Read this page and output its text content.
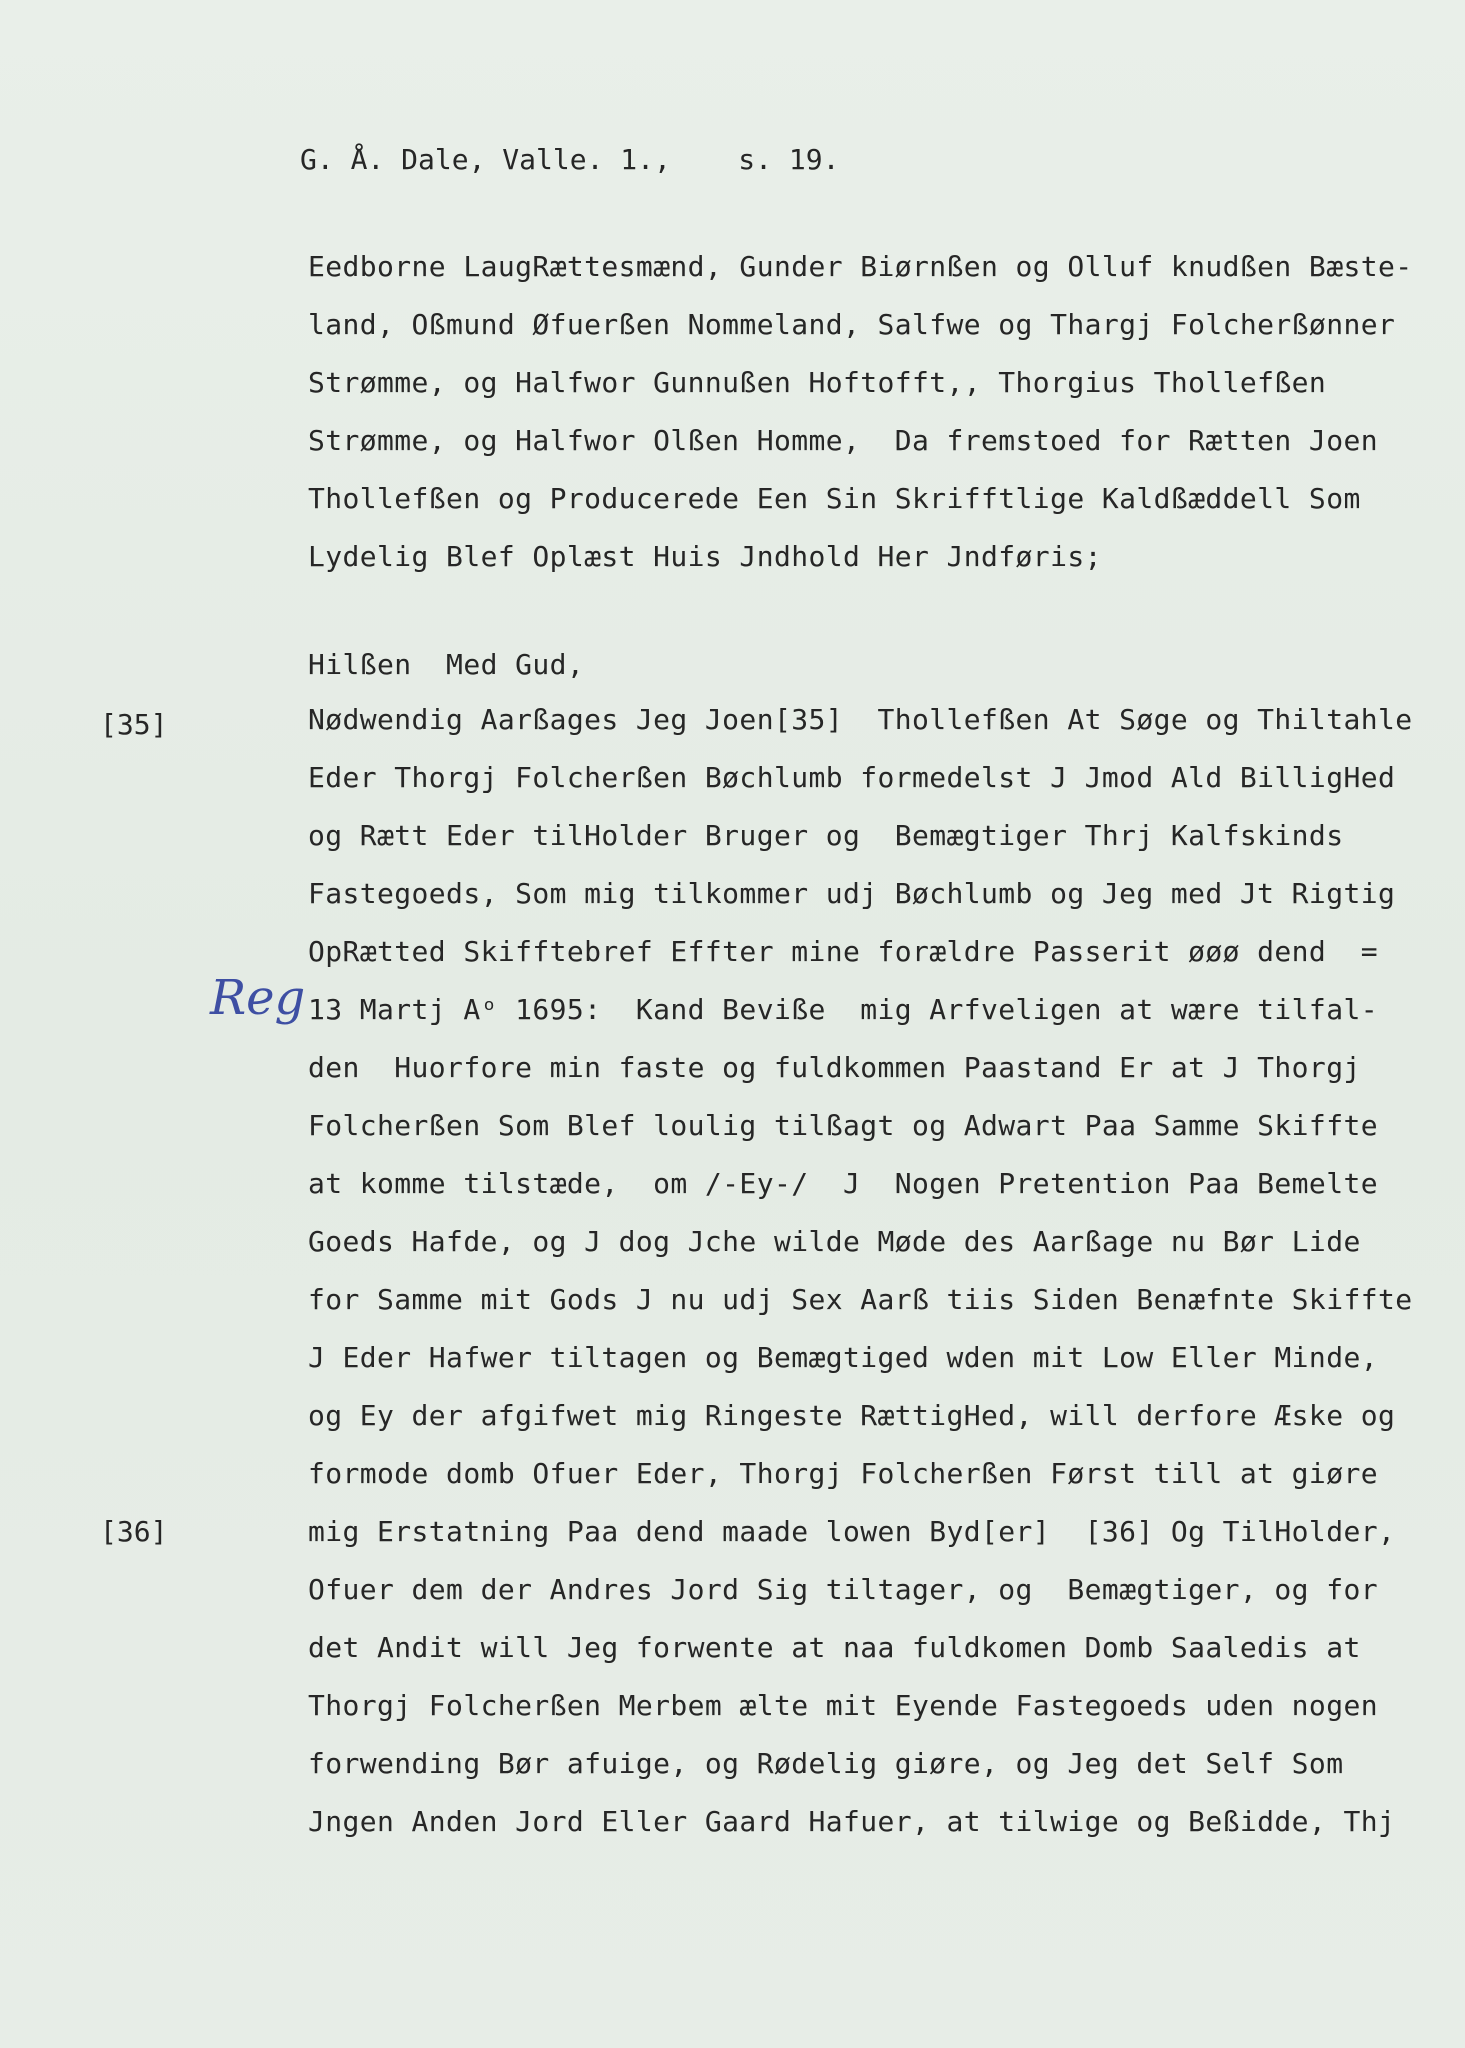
G. Å. Dale, Valle. 1.,    s. 19.
Eedborne LaugRættesmænd, Gunder Biørnßen og Olluf knudßen Bæste-
land, Oßmund Øfuerßen Nommeland, Salfwe og Thargj Folcherßønner
Strømme, og Halfwor Gunnußen Hoftofft,, Thorgius Thollefßen
Strømme, og Halfwor Olßen Homme,  Da fremstoed for Rætten Joen
Thollefßen og Producerede Een Sin Skrifftlige Kaldßæddell Som
Lydelig Blef Oplæst Huis Jndhold Her Jndføris;
Hilßen  Med Gud,
[35]
[36]
Reg
Nødwendig Aarßages Jeg Joen[35]  Thollefßen At Søge og Thiltahle
Eder Thorgj Folcherßen Bøchlumb formedelst J Jmod Ald BilligHed
og Rætt Eder tilHolder Bruger og  Bemægtiger Thrj Kalfskinds
Fastegoeds, Som mig tilkommer udj Bøchlumb og Jeg med Jt Rigtig
OpRætted Skifftebref Effter mine forældre Passerit øøø dend  =
13 Martj Aᵒ 1695:  Kand Beviße  mig Arfveligen at wære tilfal-
den  Huorfore min faste og fuldkommen Paastand Er at J Thorgj
Folcherßen Som Blef loulig tilßagt og Adwart Paa Samme Skiffte
at komme tilstæde,  om /-Ey-/  J  Nogen Pretention Paa Bemelte
Goeds Hafde, og J dog Jche wilde Møde des Aarßage nu Bør Lide
for Samme mit Gods J nu udj Sex Aarß tiis Siden Benæfnte Skiffte
J Eder Hafwer tiltagen og Bemægtiged wden mit Low Eller Minde,
og Ey der afgifwet mig Ringeste RættigHed, will derfore Æske og
formode domb Ofuer Eder, Thorgj Folcherßen Først till at giøre
mig Erstatning Paa dend maade lowen Byd[er]  [36] Og TilHolder,
Ofuer dem der Andres Jord Sig tiltager, og  Bemægtiger, og for
det Andit will Jeg forwente at naa fuldkomen Domb Saaledis at
Thorgj Folcherßen Merbem ælte mit Eyende Fastegoeds uden nogen
forwending Bør afuige, og Rødelig giøre, og Jeg det Self Som
Jngen Anden Jord Eller Gaard Hafuer, at tilwige og Beßidde, Thj
